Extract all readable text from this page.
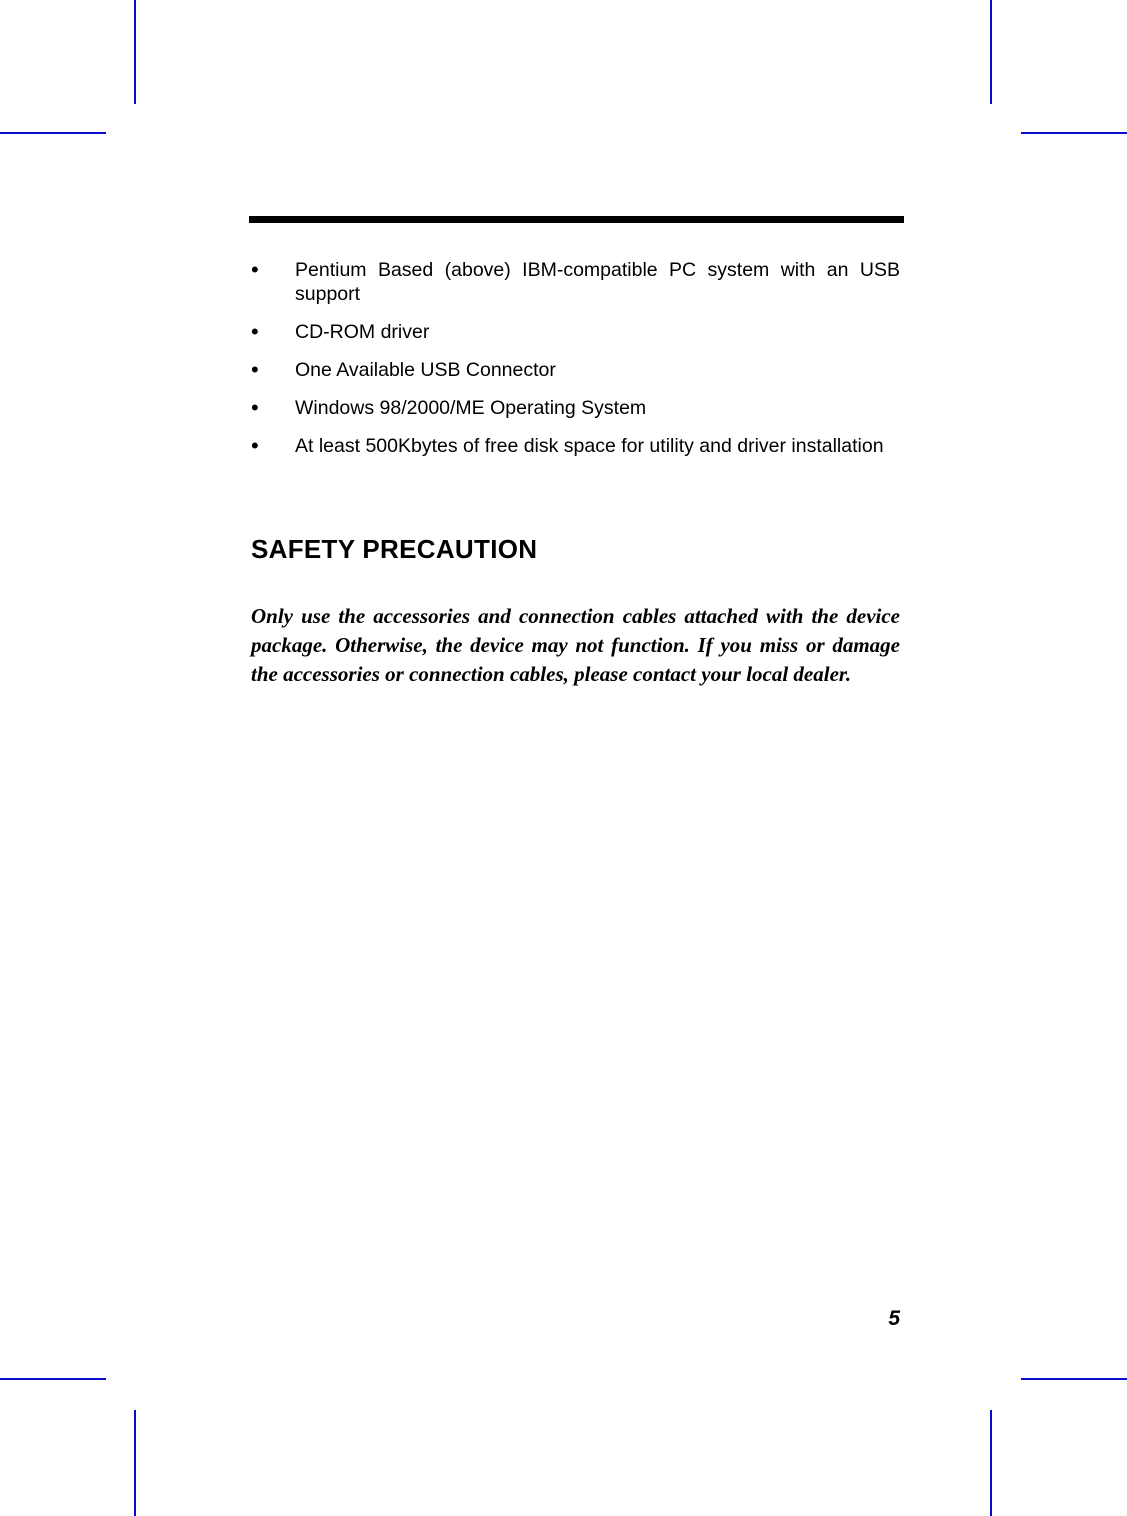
• Pentium Based (above) IBM-compatible PC system with an USB support
• CD-ROM driver
• One Available USB Connector
• Windows 98/2000/ME Operating System
• At least 500Kbytes of free disk space for utility and driver installation
SAFETY PRECAUTION

Only use the accessories and connection cables attached with the device package. Otherwise, the device may not function. If you miss or damage the accessories or connection cables, please contact your local dealer.

5
